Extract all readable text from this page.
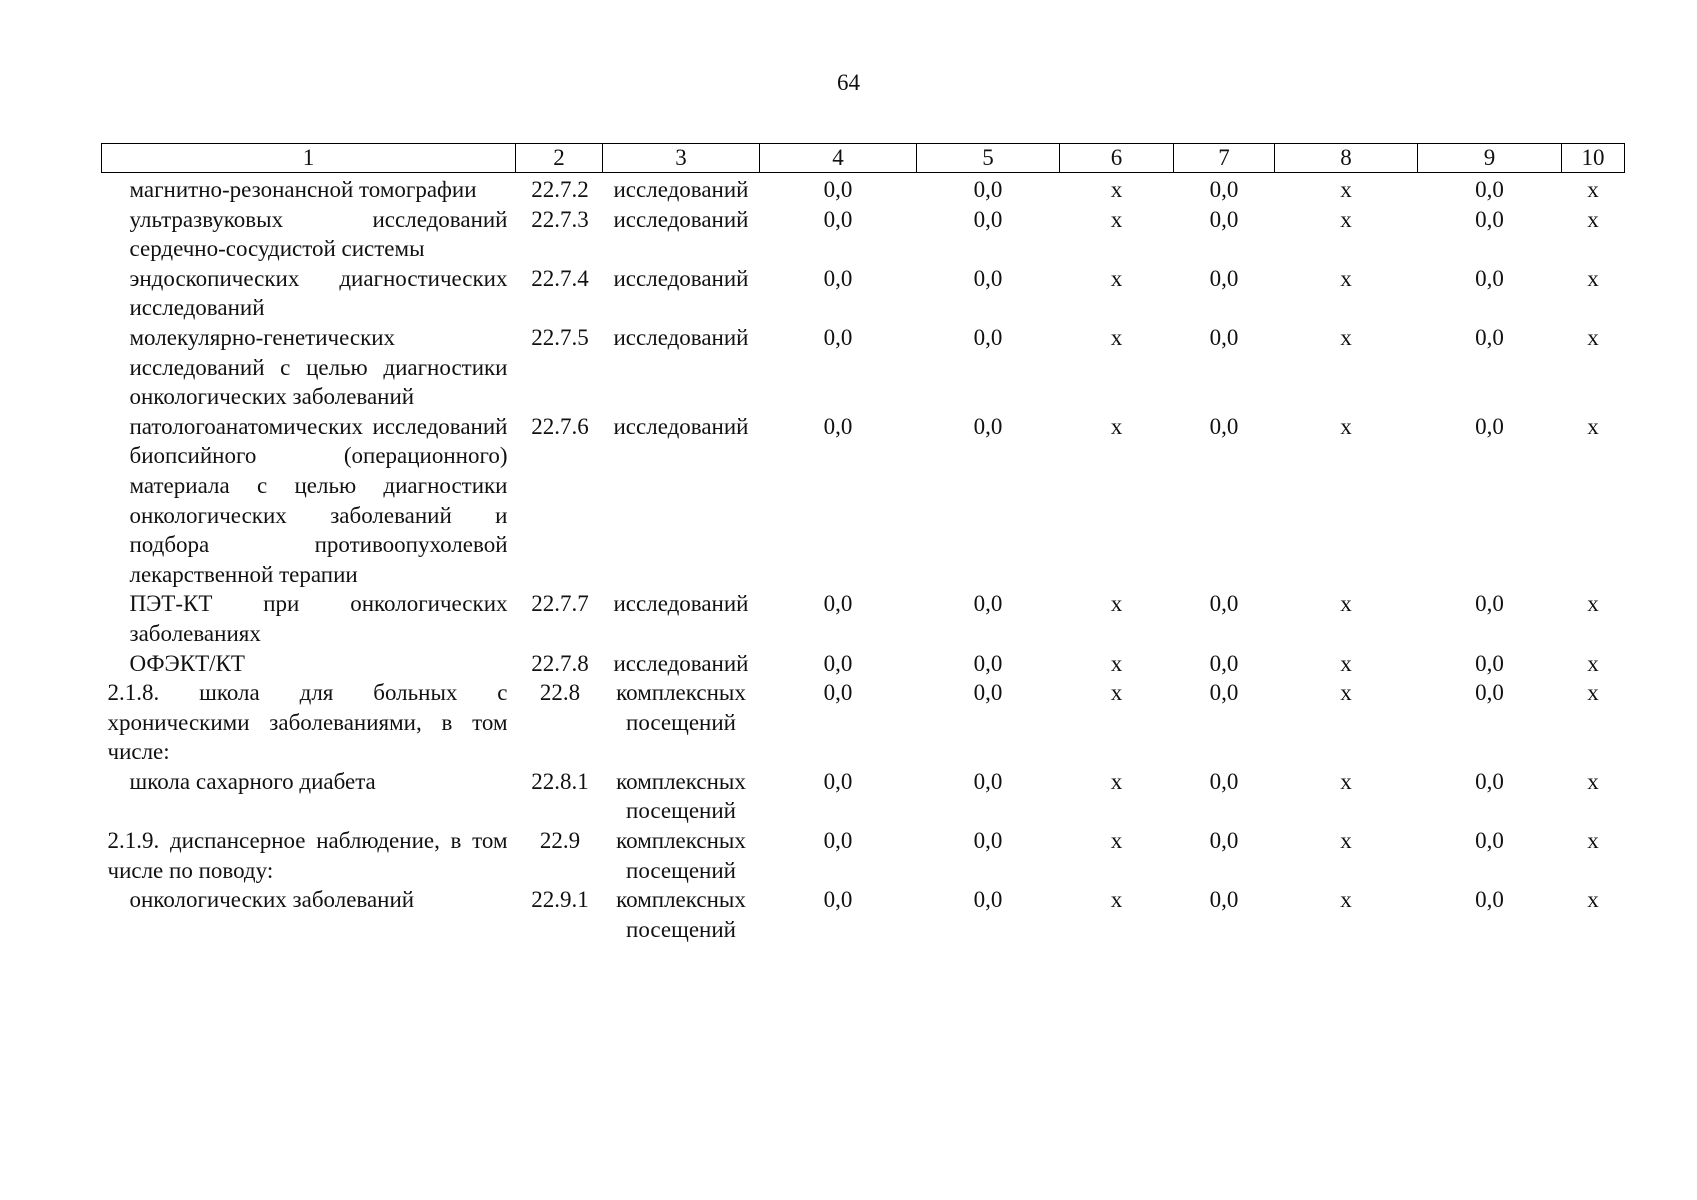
64
1	2	3	4	5	6	7	8	9	10
магнитно-резонансной томографии	22.7.2	исследований	0,0	0,0	х	0,0	х	0,0	х
ультразвуковых исследований сердечно-сосудистой системы	22.7.3	исследований	0,0	0,0	х	0,0	х	0,0	х
эндоскопических диагностических исследований	22.7.4	исследований	0,0	0,0	х	0,0	х	0,0	х
молекулярно-генетических исследований с целью диагностики онкологических заболеваний	22.7.5	исследований	0,0	0,0	х	0,0	х	0,0	х
патологоанатомических исследований биопсийного (операционного) материала с целью диагностики онкологических заболеваний и подбора противоопухолевой лекарственной терапии	22.7.6	исследований	0,0	0,0	х	0,0	х	0,0	х
ПЭТ-КТ при онкологических заболеваниях	22.7.7	исследований	0,0	0,0	х	0,0	х	0,0	х
ОФЭКТ/КТ	22.7.8	исследований	0,0	0,0	х	0,0	х	0,0	х
2.1.8. школа для больных с хроническими заболеваниями, в том числе:	22.8	комплексных посещений	0,0	0,0	х	0,0	х	0,0	х
школа сахарного диабета	22.8.1	комплексных посещений	0,0	0,0	х	0,0	х	0,0	х
2.1.9. диспансерное наблюдение, в том числе по поводу:	22.9	комплексных посещений	0,0	0,0	х	0,0	х	0,0	х
онкологических заболеваний	22.9.1	комплексных посещений	0,0	0,0	х	0,0	х	0,0	х
